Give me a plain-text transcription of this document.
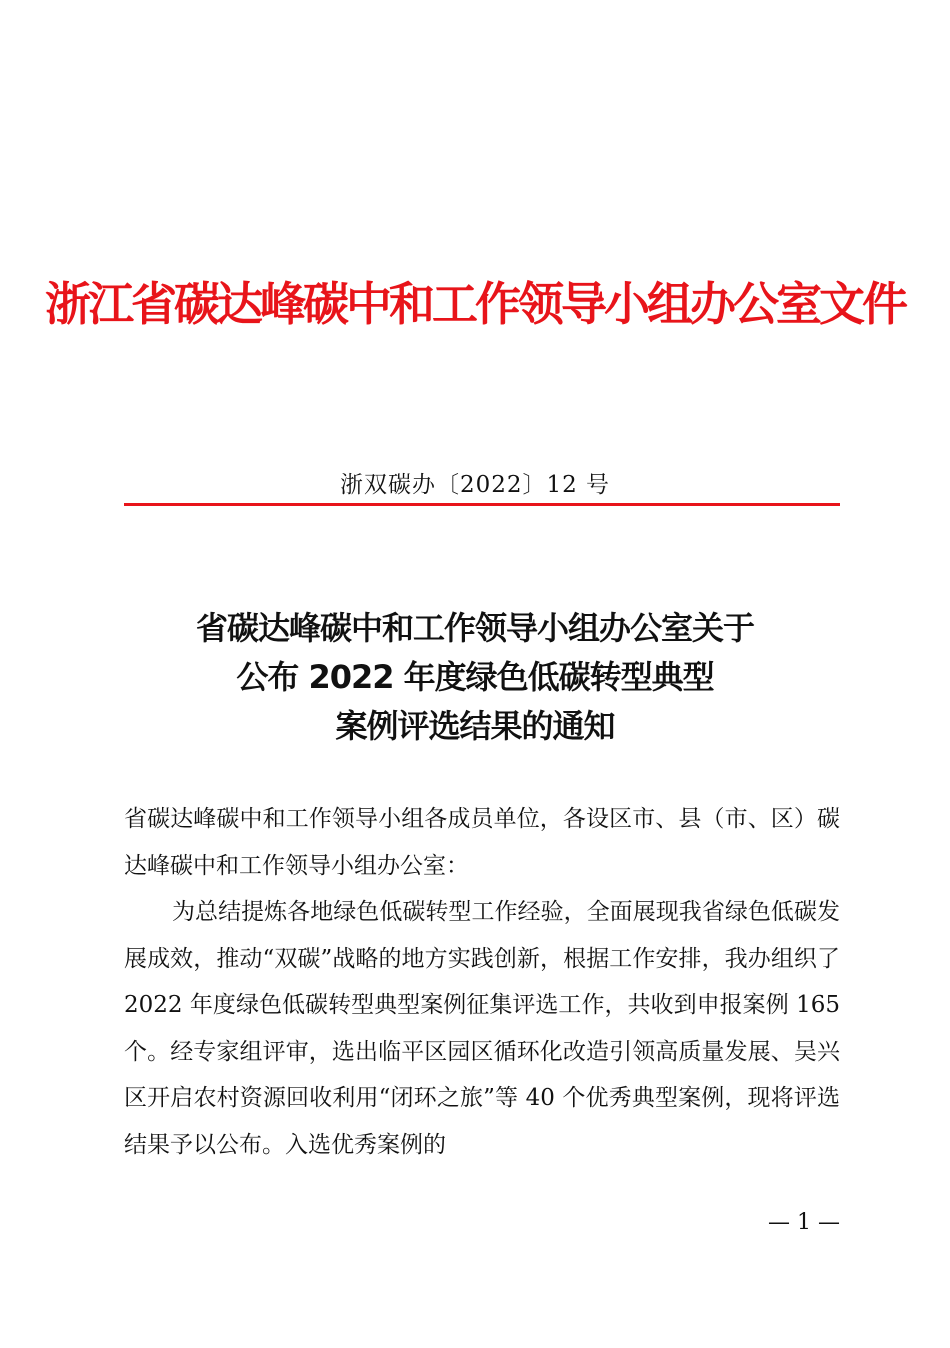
浙江省碳达峰碳中和工作领导小组办公室文件
浙双碳办〔2022〕12 号
省碳达峰碳中和工作领导小组办公室关于
公布 2022 年度绿色低碳转型典型
案例评选结果的通知

省碳达峰碳中和工作领导小组各成员单位，各设区市、县（市、区）碳达峰碳中和工作领导小组办公室：

为总结提炼各地绿色低碳转型工作经验，全面展现我省绿色低碳发展成效，推动“双碳”战略的地方实践创新，根据工作安排，我办组织了 2022 年度绿色低碳转型典型案例征集评选工作，共收到申报案例 165 个。经专家组评审，选出临平区园区循环化改造引领高质量发展、吴兴区开启农村资源回收利用“闭环之旅”等 40 个优秀典型案例，现将评选结果予以公布。入选优秀案例的

— 1 —
